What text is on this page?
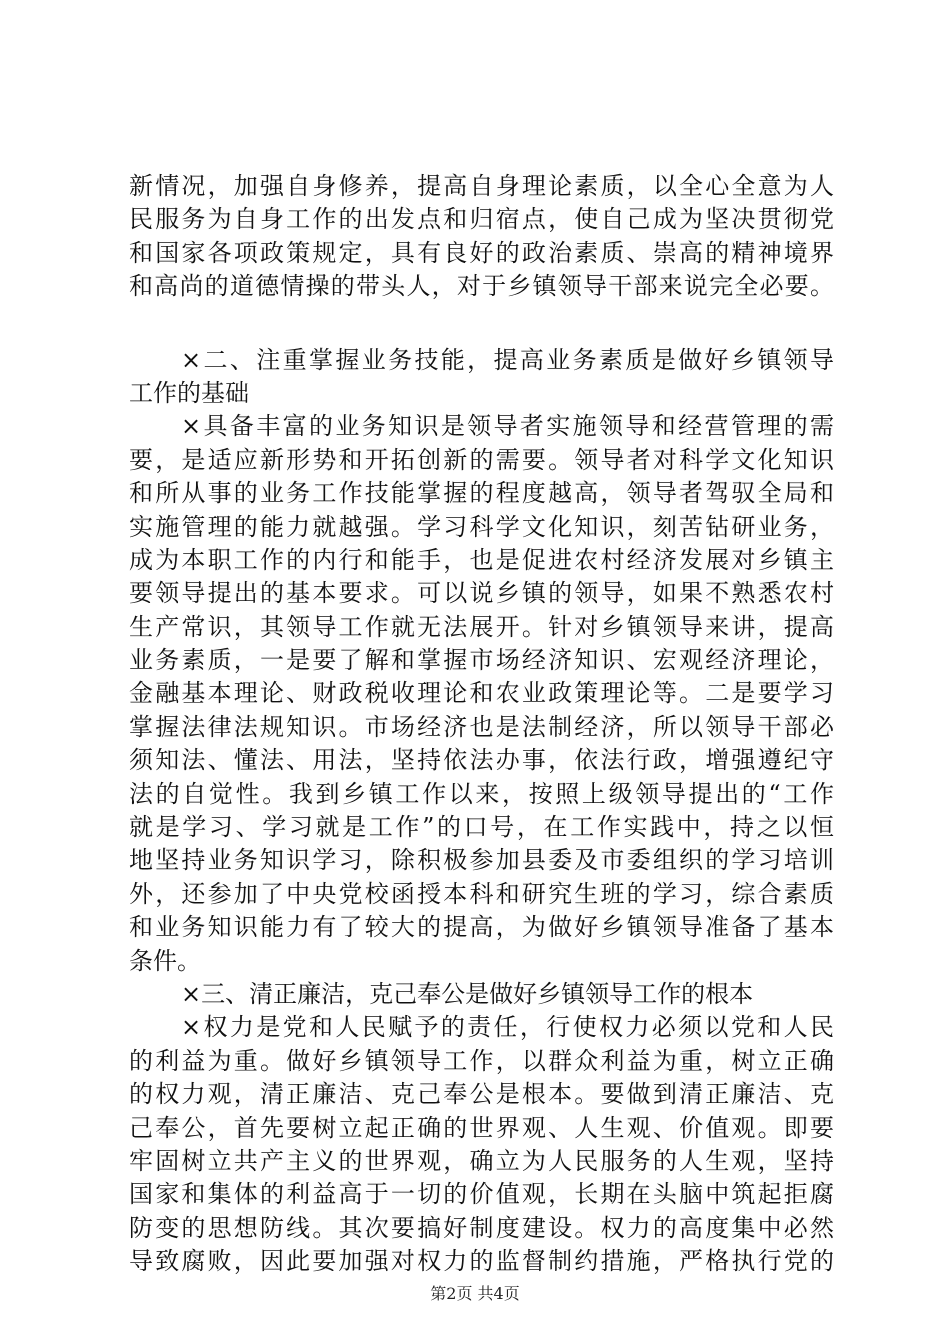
新情况，加强自身修养，提高自身理论素质，以全心全意为人
民服务为自身工作的出发点和归宿点，使自己成为坚决贯彻党
和国家各项政策规定，具有良好的政治素质、崇高的精神境界
和高尚的道德情操的带头人，对于乡镇领导干部来说完全必要。
×二、注重掌握业务技能，提高业务素质是做好乡镇领导
工作的基础
×具备丰富的业务知识是领导者实施领导和经营管理的需
要，是适应新形势和开拓创新的需要。领导者对科学文化知识
和所从事的业务工作技能掌握的程度越高，领导者驾驭全局和
实施管理的能力就越强。学习科学文化知识，刻苦钻研业务，
成为本职工作的内行和能手，也是促进农村经济发展对乡镇主
要领导提出的基本要求。可以说乡镇的领导，如果不熟悉农村
生产常识，其领导工作就无法展开。针对乡镇领导来讲，提高
业务素质，一是要了解和掌握市场经济知识、宏观经济理论，
金融基本理论、财政税收理论和农业政策理论等。二是要学习
掌握法律法规知识。市场经济也是法制经济，所以领导干部必
须知法、懂法、用法，坚持依法办事，依法行政，增强遵纪守
法的自觉性。我到乡镇工作以来，按照上级领导提出的“工作
就是学习、学习就是工作”的口号，在工作实践中，持之以恒
地坚持业务知识学习，除积极参加县委及市委组织的学习培训
外，还参加了中央党校函授本科和研究生班的学习，综合素质
和业务知识能力有了较大的提高，为做好乡镇领导准备了基本
条件。
×三、清正廉洁，克己奉公是做好乡镇领导工作的根本
×权力是党和人民赋予的责任，行使权力必须以党和人民
的利益为重。做好乡镇领导工作，以群众利益为重，树立正确
的权力观，清正廉洁、克己奉公是根本。要做到清正廉洁、克
己奉公，首先要树立起正确的世界观、人生观、价值观。即要
牢固树立共产主义的世界观，确立为人民服务的人生观，坚持
国家和集体的利益高于一切的价值观，长期在头脑中筑起拒腐
防变的思想防线。其次要搞好制度建设。权力的高度集中必然
导致腐败，因此要加强对权力的监督制约措施，严格执行党的
第2页 共4页
